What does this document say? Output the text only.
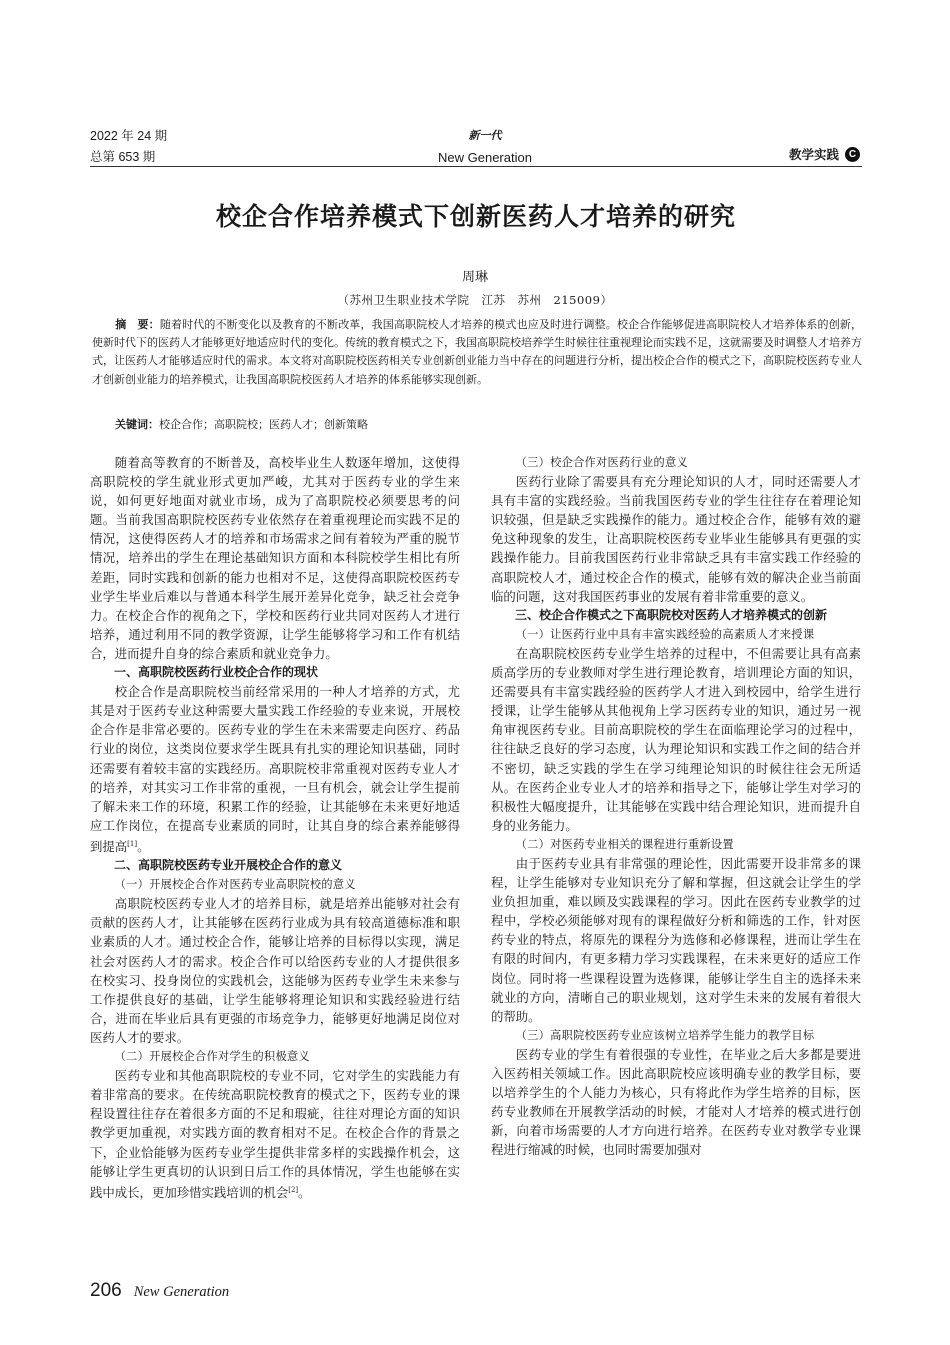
2022 年 24 期
总第 653 期
新一代
New Generation	教学实践 C
校企合作培养模式下创新医药人才培养的研究
周琳
（苏州卫生职业技术学院　江苏　苏州　215009）
摘　要：随着时代的不断变化以及教育的不断改革，我国高职院校人才培养的模式也应及时进行调整。校企合作能够促进高职院校人才培养体系的创新，使新时代下的医药人才能够更好地适应时代的变化。传统的教育模式之下，我国高职院校培养学生时候往往重视理论而实践不足，这就需要及时调整人才培养方式，让医药人才能够适应时代的需求。本文将对高职院校医药相关专业创新创业能力当中存在的问题进行分析，提出校企合作的模式之下，高职院校医药专业人才创新创业能力的培养模式，让我国高职院校医药人才培养的体系能够实现创新。
关键词：校企合作；高职院校；医药人才；创新策略

随着高等教育的不断普及，高校毕业生人数逐年增加，这使得高职院校的学生就业形式更加严峻，尤其对于医药专业的学生来说，如何更好地面对就业市场，成为了高职院校必须要思考的问题。当前我国高职院校医药专业依然存在着重视理论而实践不足的情况，这使得医药人才的培养和市场需求之间有着较为严重的脱节情况，培养出的学生在理论基础知识方面和本科院校学生相比有所差距，同时实践和创新的能力也相对不足，这使得高职院校医药专业学生毕业后难以与普通本科学生展开差异化竞争，缺乏社会竞争力。在校企合作的视角之下，学校和医药行业共同对医药人才进行培养，通过利用不同的教学资源，让学生能够将学习和工作有机结合，进而提升自身的综合素质和就业竞争力。

一、高职院校医药行业校企合作的现状

校企合作是高职院校当前经常采用的一种人才培养的方式，尤其是对于医药专业这种需要大量实践工作经验的专业来说，开展校企合作是非常必要的。医药专业的学生在未来需要走向医疗、药品行业的岗位，这类岗位要求学生既具有扎实的理论知识基础，同时还需要有着较丰富的实践经历。高职院校非常重视对医药专业人才的培养，对其实习工作非常的重视，一旦有机会，就会让学生提前了解未来工作的环境，积累工作的经验，让其能够在未来更好地适应工作岗位，在提高专业素质的同时，让其自身的综合素养能够得到提高[1]。

二、高职院校医药专业开展校企合作的意义
（一）开展校企合作对医药专业高职院校的意义

高职院校医药专业人才的培养目标，就是培养出能够对社会有贡献的医药人才，让其能够在医药行业成为具有较高道德标准和职业素质的人才。通过校企合作，能够让培养的目标得以实现，满足社会对医药人才的需求。校企合作可以给医药专业的人才提供很多在校实习、投身岗位的实践机会，这能够为医药专业学生未来参与工作提供良好的基础，让学生能够将理论知识和实践经验进行结合，进而在毕业后具有更强的市场竞争力，能够更好地满足岗位对医药人才的要求。

（二）开展校企合作对学生的积极意义

医药专业和其他高职院校的专业不同，它对学生的实践能力有着非常高的要求。在传统高职院校教育的模式之下，医药专业的课程设置往往存在着很多方面的不足和瑕疵，往往对理论方面的知识教学更加重视，对实践方面的教育相对不足。在校企合作的背景之下，企业恰能够为医药专业学生提供非常多样的实践操作机会，这能够让学生更真切的认识到日后工作的具体情况，学生也能够在实践中成长，更加珍惜实践培训的机会[2]。

（三）校企合作对医药行业的意义

医药行业除了需要具有充分理论知识的人才，同时还需要人才具有丰富的实践经验。当前我国医药专业的学生往往存在着理论知识较强，但是缺乏实践操作的能力。通过校企合作，能够有效的避免这种现象的发生，让高职院校医药专业毕业生能够具有更强的实践操作能力。目前我国医药行业非常缺乏具有丰富实践工作经验的高职院校人才，通过校企合作的模式，能够有效的解决企业当前面临的问题，这对我国医药事业的发展有着非常重要的意义。

三、校企合作模式之下高职院校对医药人才培养模式的创新
（一）让医药行业中具有丰富实践经验的高素质人才来授课

在高职院校医药专业学生培养的过程中，不但需要让具有高素质高学历的专业教师对学生进行理论教育，培训理论方面的知识，还需要具有丰富实践经验的医药学人才进入到校园中，给学生进行授课，让学生能够从其他视角上学习医药专业的知识，通过另一视角审视医药专业。目前高职院校的学生在面临理论学习的过程中，往往缺乏良好的学习态度，认为理论知识和实践工作之间的结合并不密切，缺乏实践的学生在学习纯理论知识的时候往往会无所适从。在医药企业专业人才的培养和指导之下，能够让学生对学习的积极性大幅度提升，让其能够在实践中结合理论知识，进而提升自身的业务能力。

（二）对医药专业相关的课程进行重新设置

由于医药专业具有非常强的理论性，因此需要开设非常多的课程，让学生能够对专业知识充分了解和掌握，但这就会让学生的学业负担加重，难以顾及实践课程的学习。因此在医药专业教学的过程中，学校必须能够对现有的课程做好分析和筛选的工作，针对医药专业的特点，将原先的课程分为选修和必修课程，进而让学生在有限的时间内，有更多精力学习实践课程，在未来更好的适应工作岗位。同时将一些课程设置为选修课，能够让学生自主的选择未来就业的方向，清晰自己的职业规划，这对学生未来的发展有着很大的帮助。

（三）高职院校医药专业应该树立培养学生能力的教学目标

医药专业的学生有着很强的专业性，在毕业之后大多都是要进入医药相关领域工作。因此高职院校应该明确专业的教学目标，要以培养学生的个人能力为核心，只有将此作为学生培养的目标，医药专业教师在开展教学活动的时候，才能对人才培养的模式进行创新，向着市场需要的人才方向进行培养。在医药专业对教学专业课程进行缩减的时候，也同时需要加强对

206 New Generation
